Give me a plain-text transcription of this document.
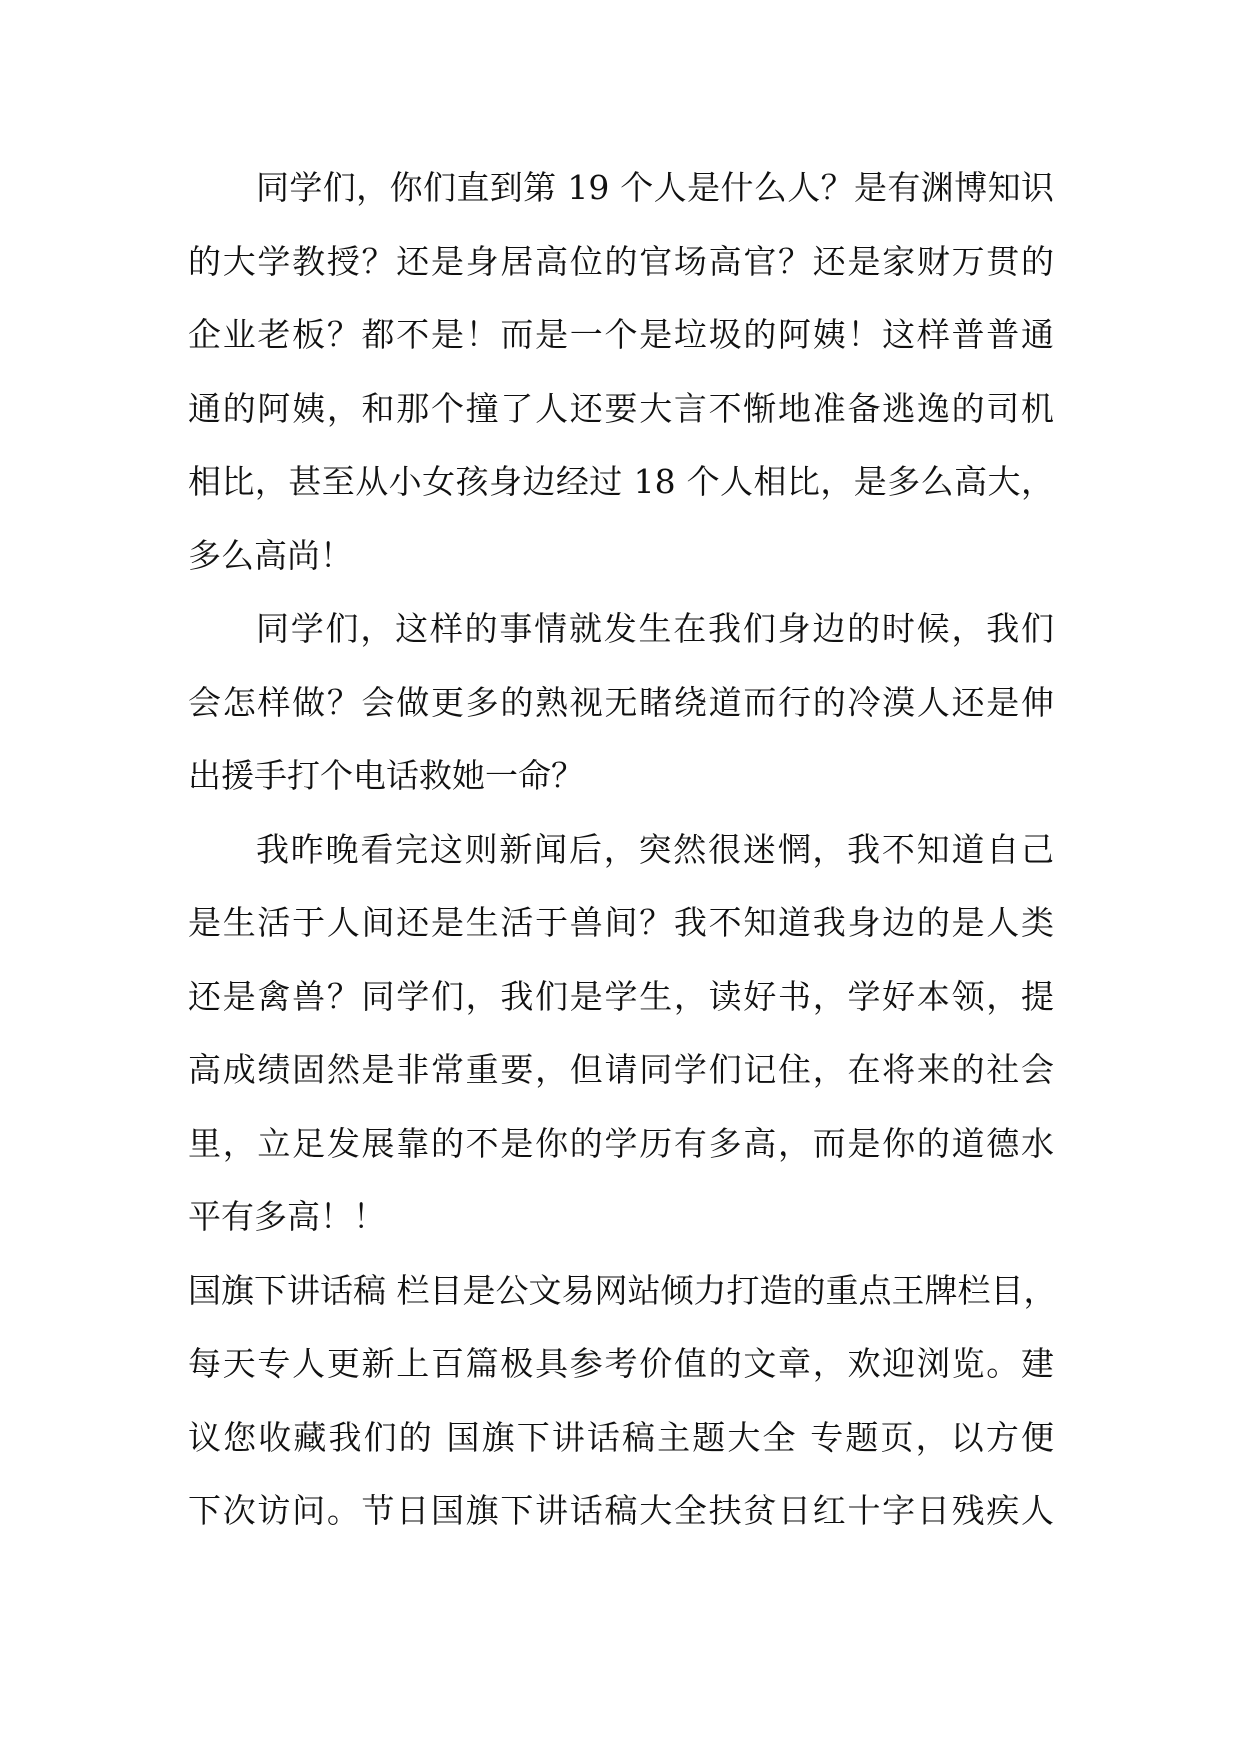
同学们，你们直到第 19 个人是什么人？是有渊博知识
的大学教授？还是身居高位的官场高官？还是家财万贯的
企业老板？都不是！而是一个是垃圾的阿姨！这样普普通
通的阿姨，和那个撞了人还要大言不惭地准备逃逸的司机
相比，甚至从小女孩身边经过 18 个人相比，是多么高大，
多么高尚！
同学们，这样的事情就发生在我们身边的时候，我们
会怎样做？会做更多的熟视无睹绕道而行的冷漠人还是伸
出援手打个电话救她一命？
我昨晚看完这则新闻后，突然很迷惘，我不知道自己
是生活于人间还是生活于兽间？我不知道我身边的是人类
还是禽兽？同学们，我们是学生，读好书，学好本领，提
高成绩固然是非常重要，但请同学们记住，在将来的社会
里，立足发展靠的不是你的学历有多高，而是你的道德水
平有多高！！
国旗下讲话稿 栏目是公文易网站倾力打造的重点王牌栏目，
每天专人更新上百篇极具参考价值的文章，欢迎浏览。建
议您收藏我们的 国旗下讲话稿主题大全 专题页，以方便
下次访问。节日国旗下讲话稿大全扶贫日红十字日残疾人
